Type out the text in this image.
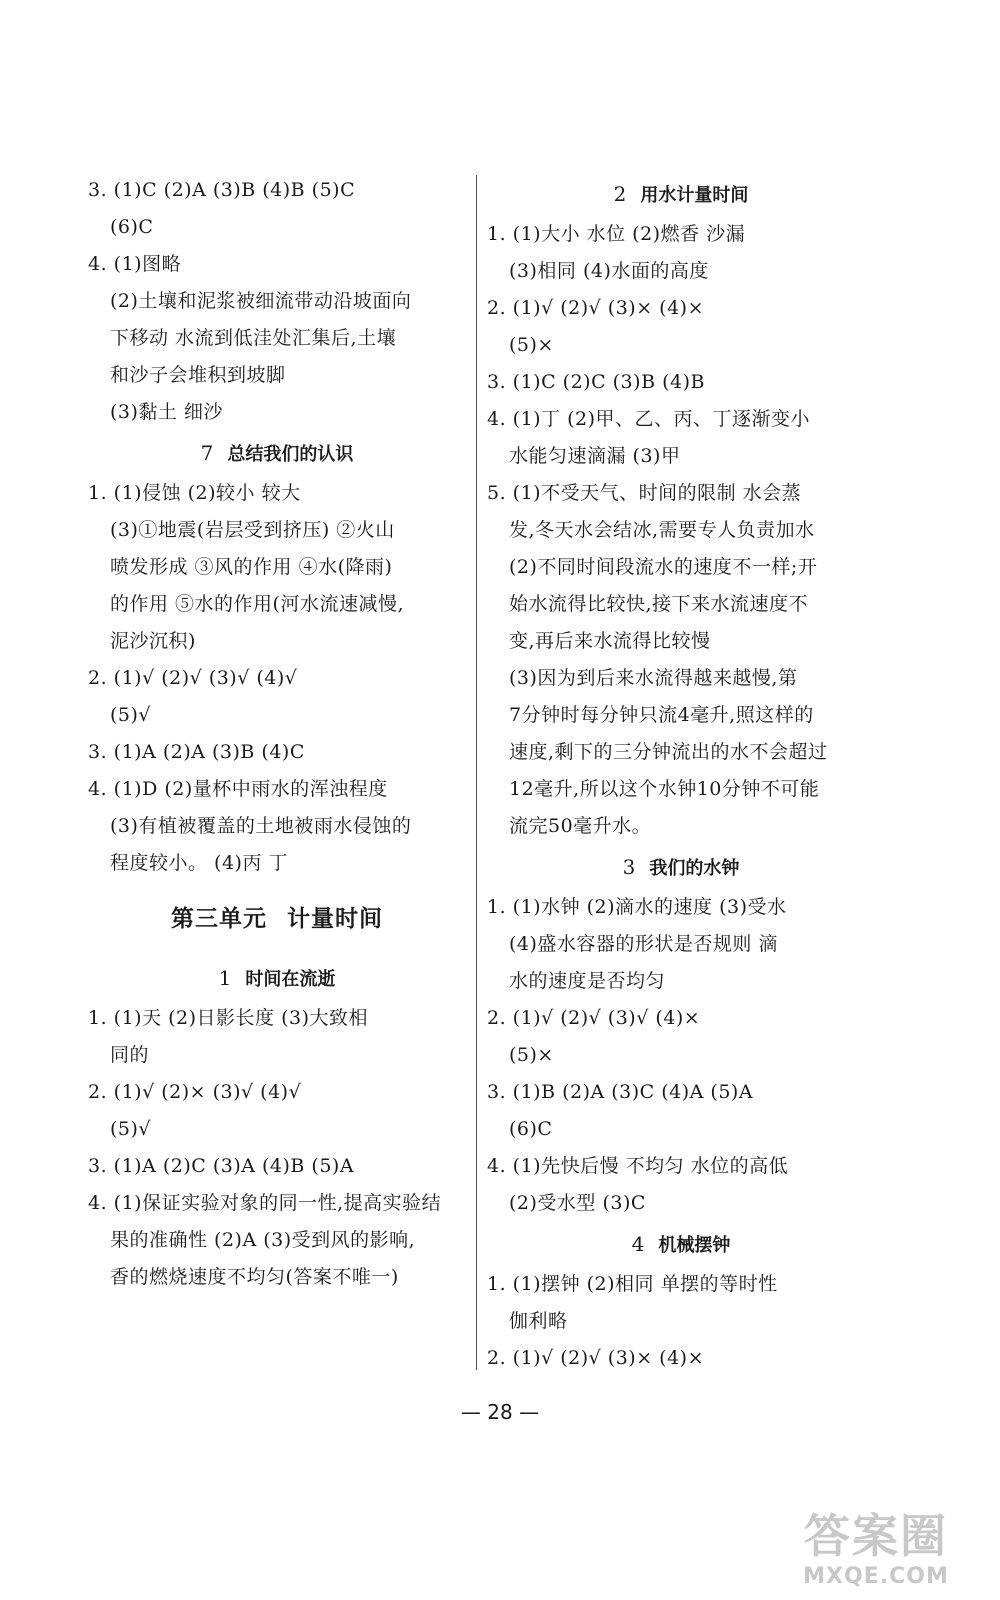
3. (1)C (2)A (3)B (4)B (5)C
(6)C
4. (1)图略
(2)土壤和泥浆被细流带动沿坡面向
下移动 水流到低洼处汇集后,土壤
和沙子会堆积到坡脚
(3)黏土 细沙
7 总结我们的认识
1. (1)侵蚀 (2)较小 较大
(3)①地震(岩层受到挤压) ②火山
喷发形成 ③风的作用 ④水(降雨)
的作用 ⑤水的作用(河水流速减慢,
泥沙沉积)
2. (1)√ (2)√ (3)√ (4)√
(5)√
3. (1)A (2)A (3)B (4)C
4. (1)D (2)量杯中雨水的浑浊程度
(3)有植被覆盖的土地被雨水侵蚀的
程度较小。 (4)丙 丁
第三单元 计量时间
1 时间在流逝
1. (1)天 (2)日影长度 (3)大致相
同的
2. (1)√ (2)× (3)√ (4)√
(5)√
3. (1)A (2)C (3)A (4)B (5)A
4. (1)保证实验对象的同一性,提高实验结
果的准确性 (2)A (3)受到风的影响,
香的燃烧速度不均匀(答案不唯一)
2 用水计量时间
1. (1)大小 水位 (2)燃香 沙漏
(3)相同 (4)水面的高度
2. (1)√ (2)√ (3)× (4)×
(5)×
3. (1)C (2)C (3)B (4)B
4. (1)丁 (2)甲、乙、丙、丁逐渐变小
水能匀速滴漏 (3)甲
5. (1)不受天气、时间的限制 水会蒸
发,冬天水会结冰,需要专人负责加水
(2)不同时间段流水的速度不一样;开
始水流得比较快,接下来水流速度不
变,再后来水流得比较慢
(3)因为到后来水流得越来越慢,第
7分钟时每分钟只流4毫升,照这样的
速度,剩下的三分钟流出的水不会超过
12毫升,所以这个水钟10分钟不可能
流完50毫升水。
3 我们的水钟
1. (1)水钟 (2)滴水的速度 (3)受水
(4)盛水容器的形状是否规则 滴
水的速度是否均匀
2. (1)√ (2)√ (3)√ (4)×
(5)×
3. (1)B (2)A (3)C (4)A (5)A
(6)C
4. (1)先快后慢 不均匀 水位的高低
(2)受水型 (3)C
4 机械摆钟
1. (1)摆钟 (2)相同 单摆的等时性
伽利略
2. (1)√ (2)√ (3)× (4)×
— 28 —
答案圈
MXQE.COM
